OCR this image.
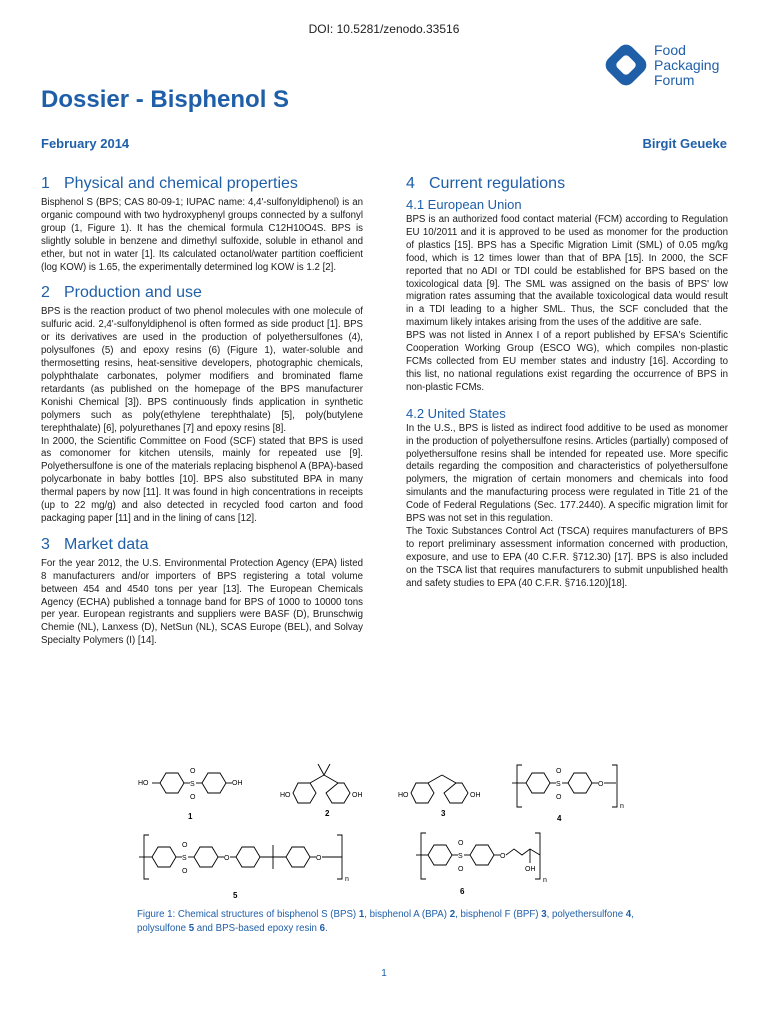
DOI: 10.5281/zenodo.33516
Food
Packaging
Forum
Dossier - Bisphenol S
February 2014	Birgit Geueke
1 Physical and chemical properties

Bisphenol S (BPS; CAS 80-09-1; IUPAC name: 4,4'-sulfonyldiphenol) is an organic compound with two hydroxyphenyl groups connected by a sulfonyl group (1, Figure 1). It has the chemical formula C12H10O4S. BPS is slightly soluble in benzene and dimethyl sulfoxide, soluble in ethanol and ether, but not in water [1]. Its calculated octanol/water partition coefficient (log KOW) is 1.65, the experimentally determined log KOW is 1.2 [2].

2 Production and use

BPS is the reaction product of two phenol molecules with one molecule of sulfuric acid. 2,4'-sulfonyldiphenol is often formed as side product [1]. BPS or its derivatives are used in the production of polyethersulfones (4), polysulfones (5) and epoxy resins (6) (Figure 1), water-soluble and thermosetting resins, heat-sensitive developers, photographic chemicals, polyphthalate carbonates, polymer modifiers and brominated flame retardants (as published on the homepage of the BPS manufacturer Konishi Chemical [3]). BPS continuously finds application in synthetic polymers such as poly(ethylene terephthalate) [5], poly(butylene terephthalate) [6], polyurethanes [7] and epoxy resins [8].

In 2000, the Scientific Committee on Food (SCF) stated that BPS is used as comonomer for kitchen utensils, mainly for repeated use [9]. Polyethersulfone is one of the materials replacing bisphenol A (BPA)-based polycarbonate in baby bottles [10]. BPS also substituted BPA in many thermal papers by now [11]. It was found in high concentrations in receipts (up to 22 mg/g) and also detected in recycled food carton and food packaging paper [11] and in the lining of cans [12].

3 Market data

For the year 2012, the U.S. Environmental Protection Agency (EPA) listed 8 manufacturers and/or importers of BPS registering a total volume between 454 and 4540 tons per year [13]. The European Chemicals Agency (ECHA) published a tonnage band for BPS of 1000 to 10000 tons per year. European registrants and suppliers were BASF (D), Brunschwig Chemie (NL), Lanxess (D), NetSun (NL), SCAS Europe (BEL), and Solvay Specialty Polymers (I) [14].

4 Current regulations
4.1 European Union

BPS is an authorized food contact material (FCM) according to Regulation EU 10/2011 and it is approved to be used as monomer for the production of plastics [15]. BPS has a Specific Migration Limit (SML) of 0.05 mg/kg food, which is 12 times lower than that of BPA [15]. In 2000, the SCF reported that no ADI or TDI could be established for BPS based on the toxicological data [9]. The SML was assigned on the basis of BPS' low migration rates assuming that the available toxicological data would result in a TDI leading to a higher SML. Thus, the SCF concluded that the maximum likely intakes arising from the uses of the additive are safe.

BPS was not listed in Annex I of a report published by EFSA's Scientific Cooperation Working Group (ESCO WG), which compiles non-plastic FCMs collected from EU member states and industry [16]. According to this list, no national regulations exist regarding the occurrence of BPS in non-plastic FCMs.

4.2 United States

In the U.S., BPS is listed as indirect food additive to be used as monomer in the production of polyethersulfone resins. Articles (partially) composed of polyethersulfone resins shall be intended for repeated use. More specific details regarding the composition and characteristics of polyethersulfone polymers, the migration of certain monomers and chemicals into food simulants and the manufacturing process were regulated in Title 21 of the Code of Federal Regulations (Sec. 177.2440). A specific migration limit for BPS was not set in this regulation.

The Toxic Substances Control Act (TSCA) requires manufacturers of BPS to report preliminary assessment information concerned with production, exposure, and use to EPA (40 C.F.R. §712.30) [17]. BPS is also included on the TSCA list that requires manufacturers to submit unpublished health and safety studies to EPA (40 C.F.R. §716.120)[18].

HO	S
O
O
OH
1
HO	OH
2
HO	OH
3
S
O
O
O
n
4
S
O
O
O	O
n
5
S
O
O
O
OH
n
6
Figure 1: Chemical structures of bisphenol S (BPS) 1, bisphenol A (BPA) 2, bisphenol F (BPF) 3, polyethersulfone 4, polysulfone 5 and BPS-based epoxy resin 6.
1
